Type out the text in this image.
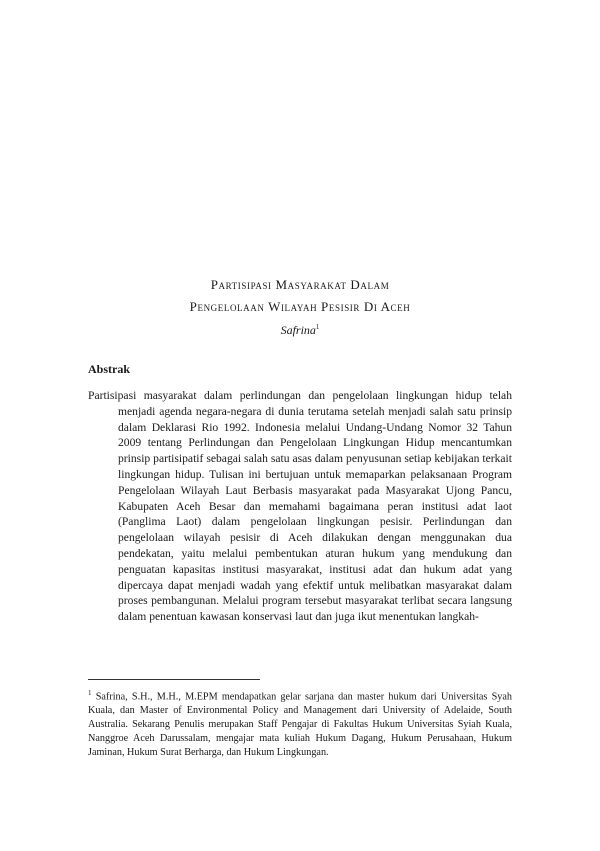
Partisipasi Masyarakat Dalam
Pengelolaan Wilayah Pesisir Di Aceh
Safrina$^1$
Abstrak
Partisipasi masyarakat dalam perlindungan dan pengelolaan lingkungan hidup telah menjadi agenda negara-negara di dunia terutama setelah menjadi salah satu prinsip dalam Deklarasi Rio 1992. Indonesia melalui Undang-Undang Nomor 32 Tahun 2009 tentang Perlindungan dan Pengelolaan Lingkungan Hidup mencantumkan prinsip partisipatif sebagai salah satu asas dalam penyusunan setiap kebijakan terkait lingkungan hidup. Tulisan ini bertujuan untuk memaparkan pelaksanaan Program Pengelolaan Wilayah Laut Berbasis masyarakat pada Masyarakat Ujong Pancu, Kabupaten Aceh Besar dan memahami bagaimana peran institusi adat laot (Panglima Laot) dalam pengelolaan lingkungan pesisir. Perlindungan dan pengelolaan wilayah pesisir di Aceh dilakukan dengan menggunakan dua pendekatan, yaitu melalui pembentukan aturan hukum yang mendukung dan penguatan kapasitas institusi masyarakat, institusi adat dan hukum adat yang dipercaya dapat menjadi wadah yang efektif untuk melibatkan masyarakat dalam proses pembangunan. Melalui program tersebut masyarakat terlibat secara langsung dalam penentuan kawasan konservasi laut dan juga ikut menentukan langkah-
$^1$ Safrina, S.H., M.H., M.EPM mendapatkan gelar sarjana dan master hukum dari Universitas Syah Kuala, dan Master of Environmental Policy and Management dari University of Adelaide, South Australia. Sekarang Penulis merupakan Staff Pengajar di Fakultas Hukum Universitas Syiah Kuala, Nanggroe Aceh Darussalam, mengajar mata kuliah Hukum Dagang, Hukum Perusahaan, Hukum Jaminan, Hukum Surat Berharga, dan Hukum Lingkungan.
